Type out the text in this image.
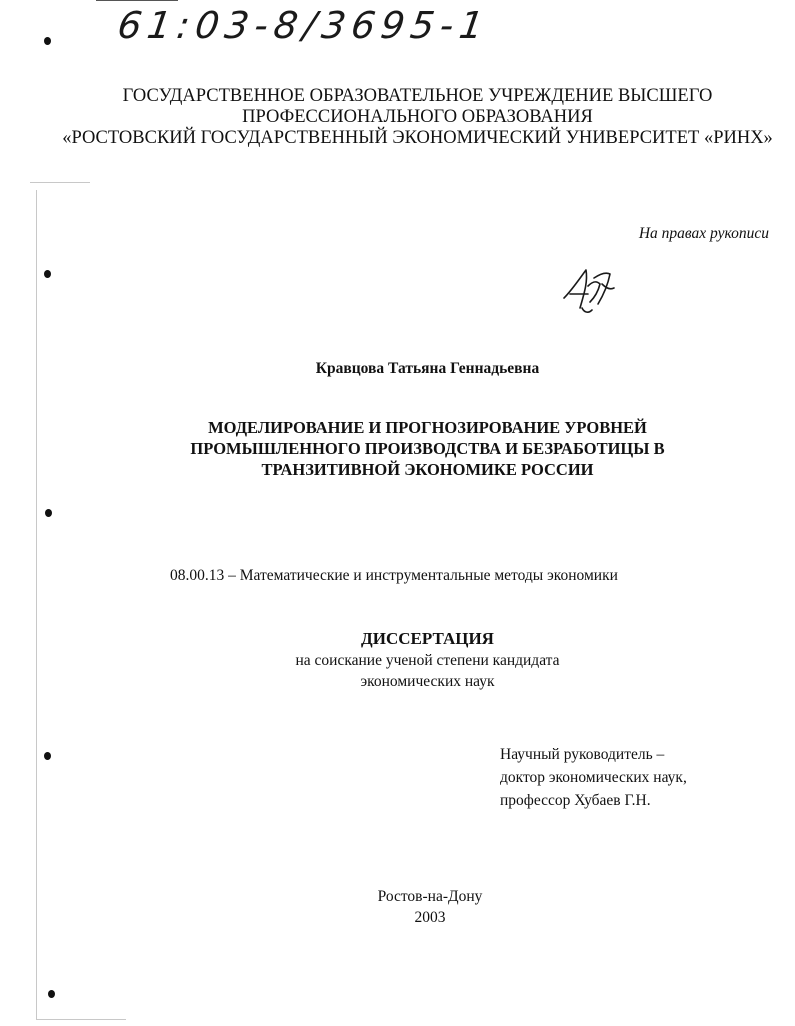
61:03-8/3695-1
ГОСУДАРСТВЕННОЕ ОБРАЗОВАТЕЛЬНОЕ УЧРЕЖДЕНИЕ ВЫСШЕГО
ПРОФЕССИОНАЛЬНОГО ОБРАЗОВАНИЯ
«РОСТОВСКИЙ ГОСУДАРСТВЕННЫЙ ЭКОНОМИЧЕСКИЙ УНИВЕРСИТЕТ «РИНХ»
На правах рукописи
Кравцова Татьяна Геннадьевна
МОДЕЛИРОВАНИЕ И ПРОГНОЗИРОВАНИЕ УРОВНЕЙ
ПРОМЫШЛЕННОГО ПРОИЗВОДСТВА И БЕЗРАБОТИЦЫ В
ТРАНЗИТИВНОЙ ЭКОНОМИКЕ РОССИИ
08.00.13 – Математические и инструментальные методы экономики
ДИССЕРТАЦИЯ
на соискание ученой степени кандидата
экономических наук
Научный руководитель –
доктор экономических наук,
профессор Хубаев Г.Н.
Ростов-на-Дону
2003
